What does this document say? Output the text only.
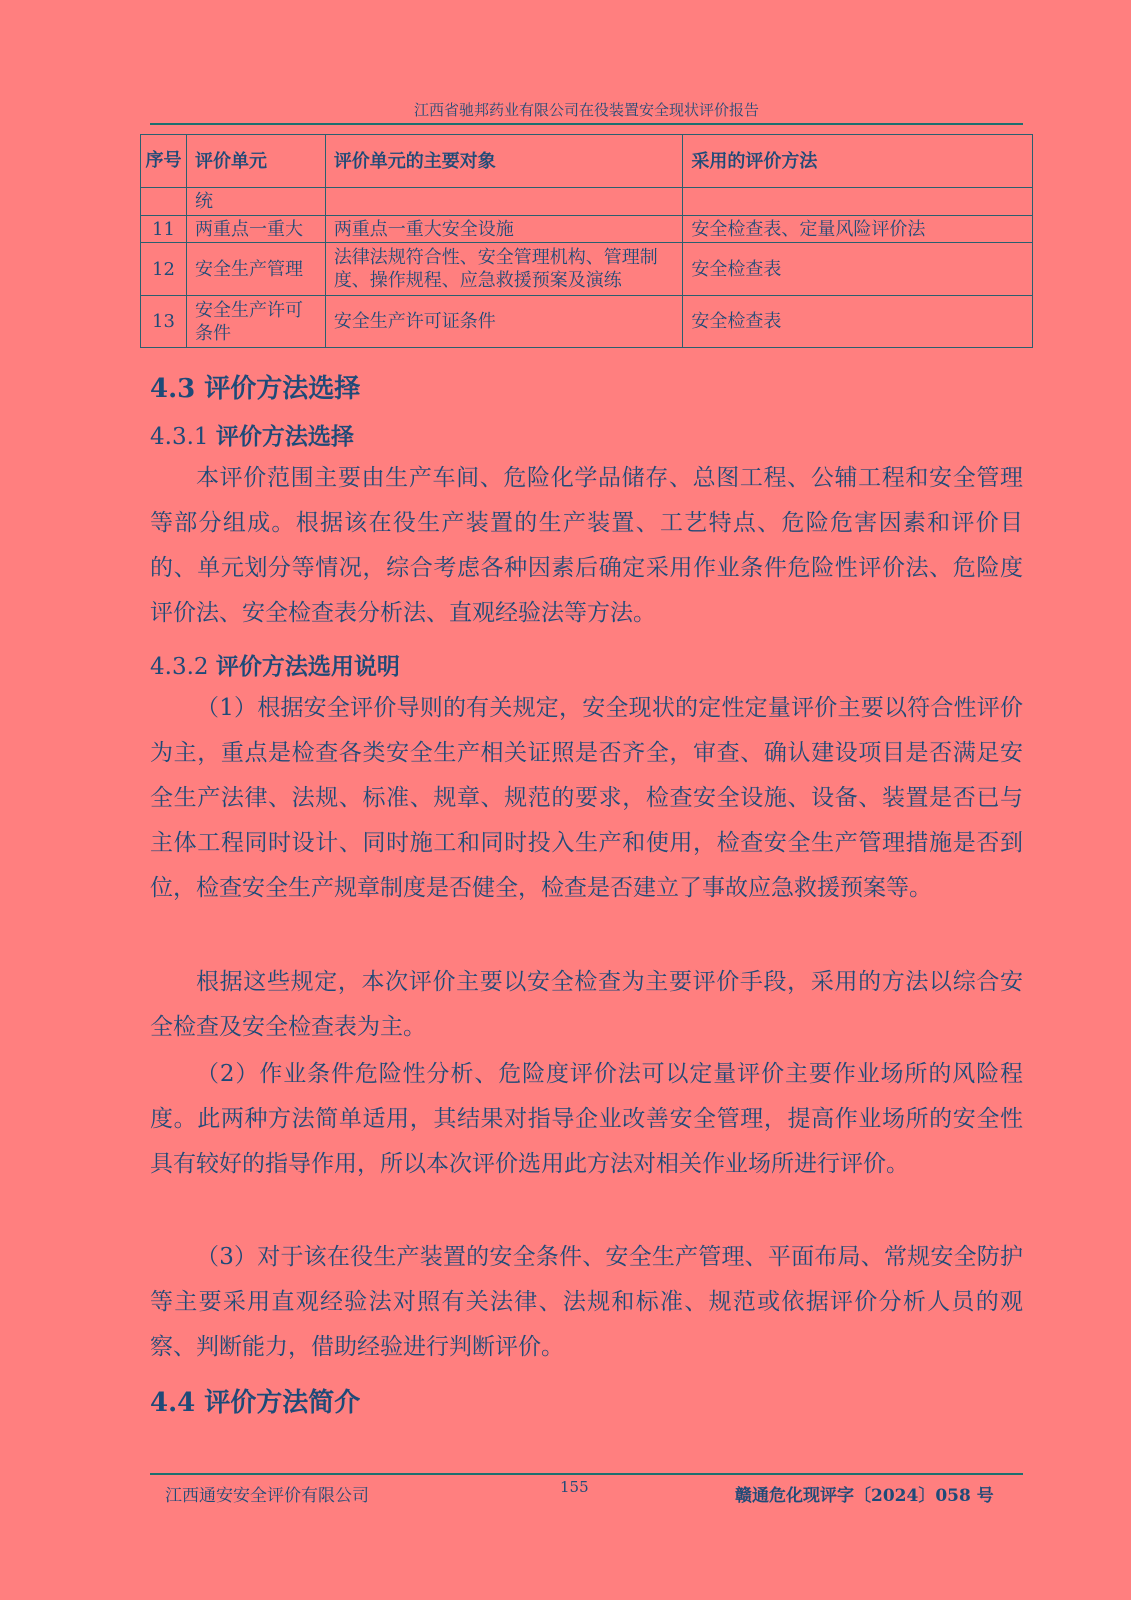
江西省驰邦药业有限公司在役装置安全现状评价报告
序号	评价单元	评价单元的主要对象	采用的评价方法
	统		
11	两重点一重大	两重点一重大安全设施	安全检查表、定量风险评价法
12	安全生产管理	法律法规符合性、安全管理机构、管理制度、操作规程、应急救援预案及演练	安全检查表
13	安全生产许可条件	安全生产许可证条件	安全检查表
4.3 评价方法选择
4.3.1 评价方法选择

本评价范围主要由生产车间、危险化学品储存、总图工程、公辅工程和安全管理等部分组成。根据该在役生产装置的生产装置、工艺特点、危险危害因素和评价目的、单元划分等情况，综合考虑各种因素后确定采用作业条件危险性评价法、危险度评价法、安全检查表分析法、直观经验法等方法。

4.3.2 评价方法选用说明

（1）根据安全评价导则的有关规定，安全现状的定性定量评价主要以符合性评价为主，重点是检查各类安全生产相关证照是否齐全，审查、确认建设项目是否满足安全生产法律、法规、标准、规章、规范的要求，检查安全设施、设备、装置是否已与主体工程同时设计、同时施工和同时投入生产和使用，检查安全生产管理措施是否到位，检查安全生产规章制度是否健全，检查是否建立了事故应急救援预案等。

根据这些规定，本次评价主要以安全检查为主要评价手段，采用的方法以综合安全检查及安全检查表为主。

（2）作业条件危险性分析、危险度评价法可以定量评价主要作业场所的风险程度。此两种方法简单适用，其结果对指导企业改善安全管理，提高作业场所的安全性具有较好的指导作用，所以本次评价选用此方法对相关作业场所进行评价。

（3）对于该在役生产装置的安全条件、安全生产管理、平面布局、常规安全防护等主要采用直观经验法对照有关法律、法规和标准、规范或依据评价分析人员的观察、判断能力，借助经验进行判断评价。

4.4 评价方法简介
江西通安安全评价有限公司	155	赣通危化现评字〔2024〕058 号
